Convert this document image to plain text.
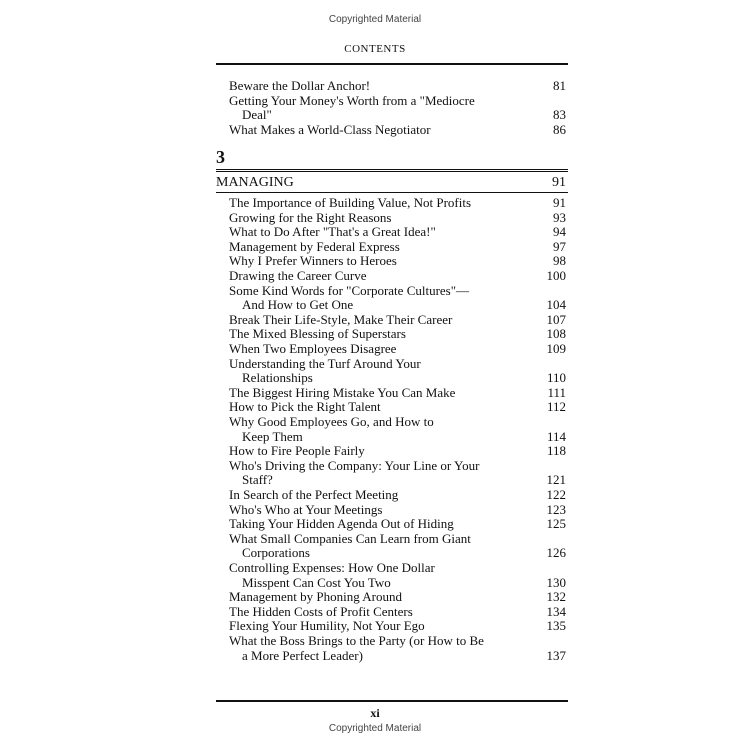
Copyrighted Material
CONTENTS
Beware the Dollar Anchor!	81
Getting Your Money's Worth from a "Mediocre

Deal"	83
What Makes a World-Class Negotiator	86
3
MANAGING	91
The Importance of Building Value, Not Profits	91
Growing for the Right Reasons	93
What to Do After "That's a Great Idea!"	94
Management by Federal Express	97
Why I Prefer Winners to Heroes	98
Drawing the Career Curve	100
Some Kind Words for "Corporate Cultures"—

And How to Get One	104
Break Their Life-Style, Make Their Career	107
The Mixed Blessing of Superstars	108
When Two Employees Disagree	109
Understanding the Turf Around Your

Relationships	110
The Biggest Hiring Mistake You Can Make	111
How to Pick the Right Talent	112
Why Good Employees Go, and How to

Keep Them	114
How to Fire People Fairly	118
Who's Driving the Company: Your Line or Your

Staff?	121
In Search of the Perfect Meeting	122
Who's Who at Your Meetings	123
Taking Your Hidden Agenda Out of Hiding	125
What Small Companies Can Learn from Giant

Corporations	126
Controlling Expenses: How One Dollar

Misspent Can Cost You Two	130
Management by Phoning Around	132
The Hidden Costs of Profit Centers	134
Flexing Your Humility, Not Your Ego	135
What the Boss Brings to the Party (or How to Be

a More Perfect Leader)	137
xi
Copyrighted Material
